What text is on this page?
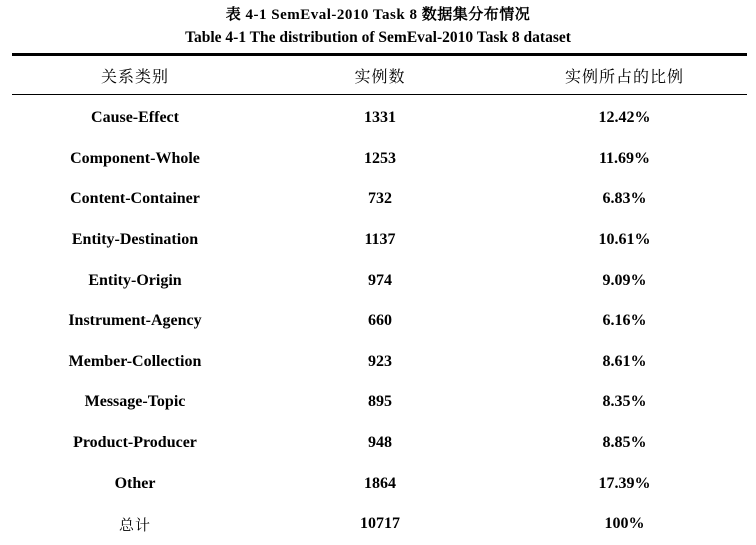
表 4-1 SemEval-2010 Task 8 数据集分布情况
Table 4-1 The distribution of SemEval-2010 Task 8 dataset
关系类别	实例数	实例所占的比例
Cause-Effect	1331	12.42%
Component-Whole	1253	11.69%
Content-Container	732	6.83%
Entity-Destination	1137	10.61%
Entity-Origin	974	9.09%
Instrument-Agency	660	6.16%
Member-Collection	923	8.61%
Message-Topic	895	8.35%
Product-Producer	948	8.85%
Other	1864	17.39%
总计	10717	100%
